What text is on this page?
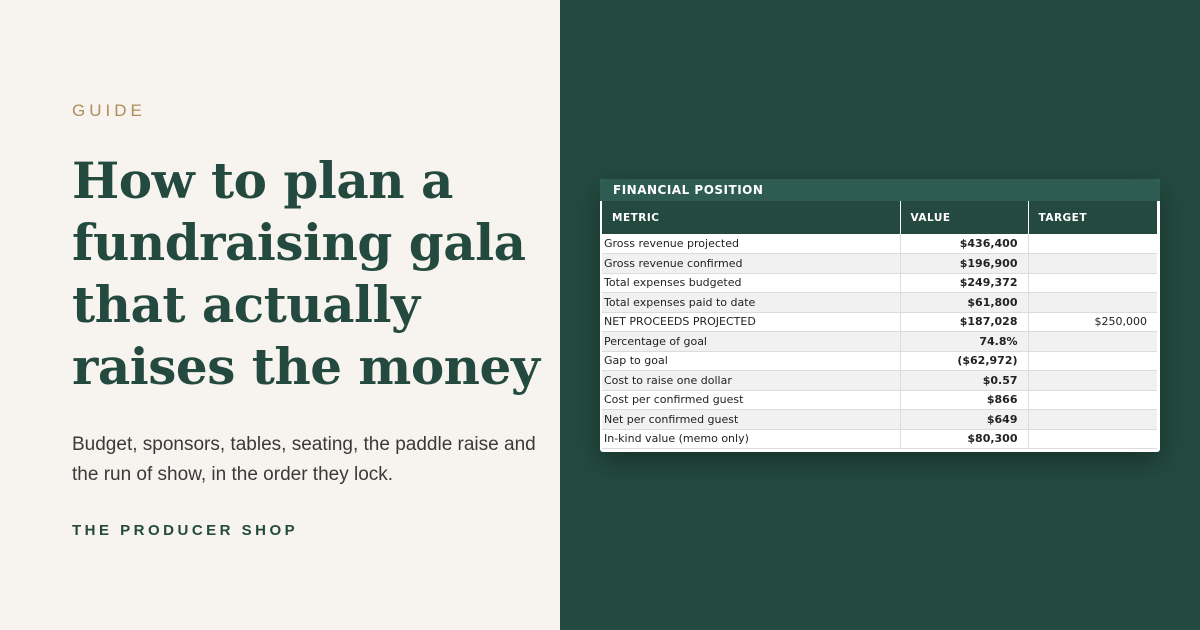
GUIDE
How to plan a fundraising gala that actually raises the money

Budget, sponsors, tables, seating, the paddle raise and the run of show, in the order they lock.

THE PRODUCER SHOP
FINANCIAL POSITION
METRIC	VALUE	TARGET
Gross revenue projected	$436,400	
Gross revenue confirmed	$196,900	
Total expenses budgeted	$249,372	
Total expenses paid to date	$61,800	
NET PROCEEDS PROJECTED	$187,028	$250,000
Percentage of goal	74.8%	
Gap to goal	($62,972)	
Cost to raise one dollar	$0.57	
Cost per confirmed guest	$866	
Net per confirmed guest	$649	
In-kind value (memo only)	$80,300	
